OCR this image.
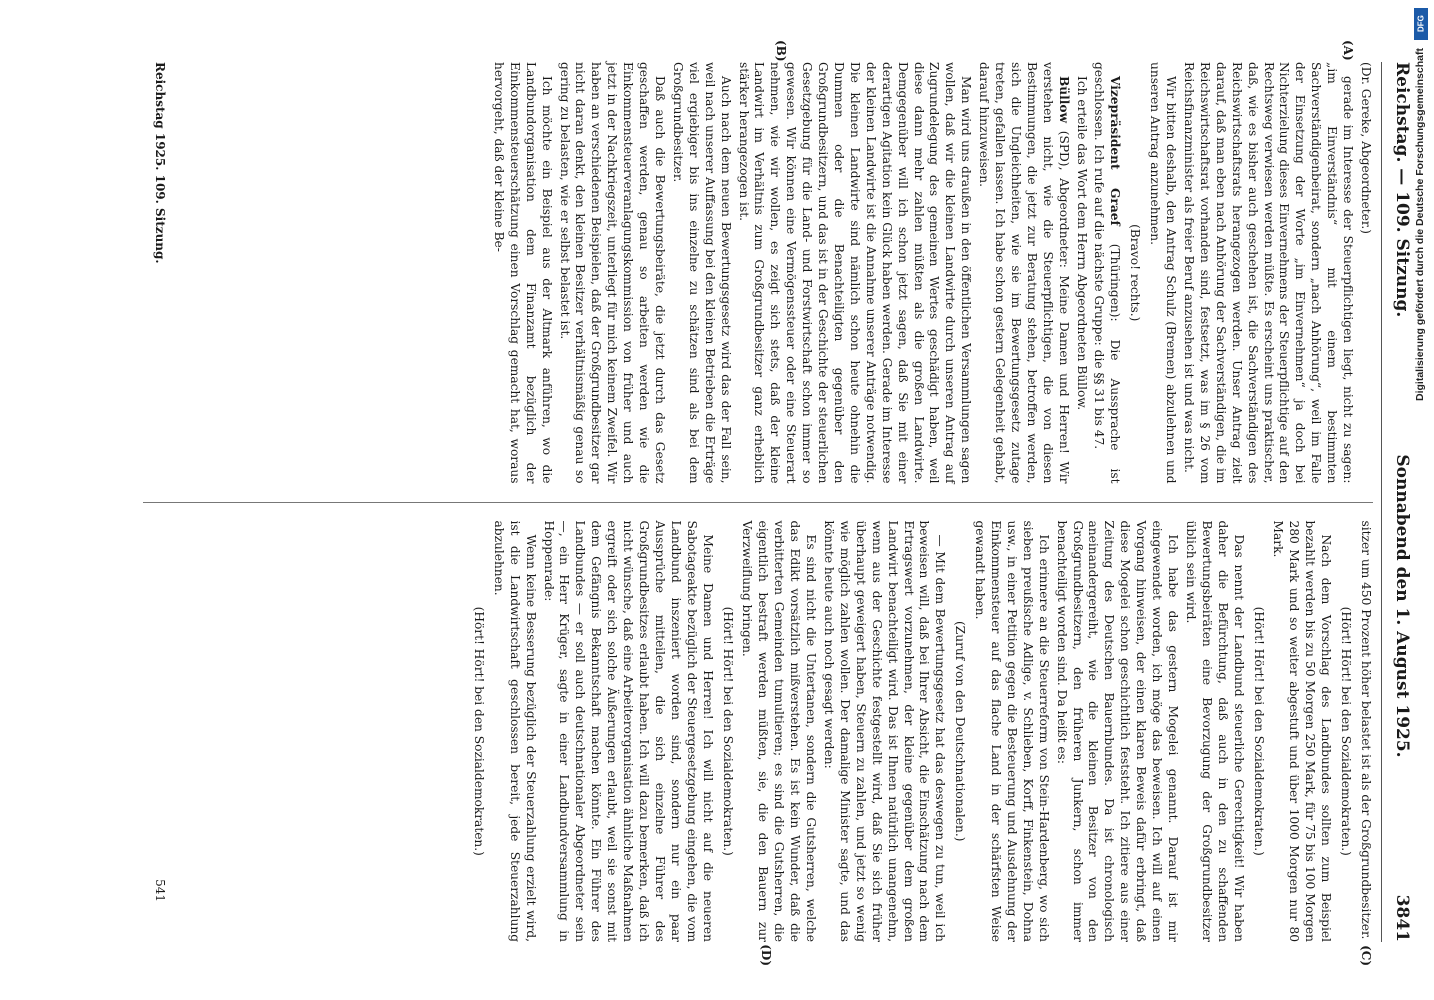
Reichstag. — 109. Sitzung.
Sonnabend den 1. August 1925.
3841

(Dr. Gereke, Abgeordneter.)

(A)

gerade im Interesse der Steuerpflichtigen liegt, nicht zu sagen: „im Einverständnis“ mit einem bestimmten Sachverständigenbeirat, sondern „nach Anhörung“, weil im Falle der Einsetzung der Worte „im Einvernehmen“ ja doch bei Nichterzielung dieses Einvernehmens der Steuerpflichtige auf den Rechtsweg verwiesen werden müßte. Es erscheint uns praktischer, daß, wie es bisher auch geschehen ist, die Sachverständigen des Reichswirtschaftsrats herangezogen werden. Unser Antrag zielt darauf, daß man eben nach Anhörung der Sachverständigen, die im Reichswirtschaftsrat vorhanden sind, festsetzt, was im § 26 vom Reichsfinanzminister als freier Beruf anzusehen ist und was nicht.

Wir bitten deshalb, den Antrag Schulz (Bremen) abzulehnen und unseren Antrag anzunehmen.

(Bravo! rechts.)

Vizepräsident Graef (Thüringen): Die Aussprache ist geschlossen. Ich rufe auf die nächste Gruppe: die §§ 31 bis 47.

Ich erteile das Wort dem Herrn Abgeordneten Büllow.

Büllow (SPD), Abgeordneter: Meine Damen und Herren! Wir verstehen nicht, wie die Steuerpflichtigen, die von diesen Bestimmungen, die jetzt zur Beratung stehen, betroffen werden, sich die Ungleichheiten, wie sie im Bewertungsgesetz zutage treten, gefallen lassen. Ich habe schon gestern Gelegenheit gehabt, darauf hinzuweisen.

(B)

Man wird uns draußen in den öffentlichen Versammlungen sagen wollen, daß wir die kleinen Landwirte durch unseren Antrag auf Zugrundelegung des gemeinen Wertes geschädigt haben, weil diese dann mehr zahlen müßten als die großen Landwirte. Demgegenüber will ich schon jetzt sagen, daß Sie mit einer derartigen Agitation kein Glück haben werden. Gerade im Interesse der kleinen Landwirte ist die Annahme unserer Anträge notwendig. Die kleinen Landwirte sind nämlich schon heute ohnehin die Dummen oder die Benachteiligten gegenüber den Großgrundbesitzern, und das ist in der Geschichte der steuerlichen Gesetzgebung für die Land- und Forstwirtschaft schon immer so gewesen. Wir können eine Vermögenssteuer oder eine Steuerart nehmen, wie wir wollen, es zeigt sich stets, daß der kleine Landwirt im Verhältnis zum Großgrundbesitzer ganz erheblich stärker herangezogen ist.

Auch nach dem neuen Bewertungsgesetz wird das der Fall sein, weil nach unserer Auffassung bei den kleinen Betrieben die Erträge viel ergiebiger bis ins einzelne zu schätzen sind als bei dem Großgrundbesitzer.

Daß auch die Bewertungsbeiräte, die jetzt durch das Gesetz geschaffen werden, genau so arbeiten werden wie die Einkommensteuerveranlagungskommission von früher und auch jetzt in der Nachkriegszeit, unterliegt für mich keinem Zweifel. Wir haben an verschiedenen Beispielen, daß der Großgrundbesitzer gar nicht daran denkt, den kleinen Besitzer verhältnismäßig genau so gering zu belasten, wie er selbst belastet ist.

Ich möchte ein Beispiel aus der Altmark anführen, wo die Landbundorganisation dem Finanzamt bezüglich der Einkommensteuerschätzung einen Vorschlag gemacht hat, woraus hervorgeht, daß der kleine Be-

Reichstag 1925. 109. Sitzung.
(C)

sitzer um 450 Prozent höher belastet ist als der Großgrundbesitzer.

(Hört! Hört! bei den Sozialdemokraten.)

Nach dem Vorschlag des Landbundes sollten zum Beispiel bezahlt werden bis zu 50 Morgen 250 Mark, für 75 bis 100 Morgen 280 Mark und so weiter abgestuft und über 1000 Morgen nur 80 Mark.

(Hört! Hört! bei den Sozialdemokraten.)

Das nennt der Landbund steuerliche Gerechtigkeit! Wir haben daher die Befürchtung, daß auch in den zu schaffenden Bewertungsbeiräten eine Bevorzugung der Großgrundbesitzer üblich sein wird.

Ich habe das gestern Mogelei genannt. Darauf ist mir eingewendet worden, ich möge das beweisen. Ich will auf einen Vorgang hinweisen, der einen klaren Beweis dafür erbringt, daß diese Mogelei schon geschichtlich feststeht. Ich zitiere aus einer Zeitung des Deutschen Bauernbundes. Da ist chronologisch aneinandergereiht, wie die kleinen Besitzer von den Großgrundbesitzern, den früheren Junkern, schon immer benachteiligt worden sind. Da heißt es:

Ich erinnere an die Steuerreform von Stein-Hardenberg, wo sich sieben preußische Adlige, v. Schlieben, Korff, Finkenstein, Dohna usw., in einer Petition gegen die Besteuerung und Ausdehnung der Einkommensteuer auf das flache Land in der schärfsten Weise gewandt haben.

(Zuruf von den Deutschnationalen.)

(D)

— Mit dem Bewertungsgesetz hat das deswegen zu tun, weil ich beweisen will, daß bei Ihrer Absicht, die Einschätzung nach dem Ertragswert vorzunehmen, der kleine gegenüber dem großen Landwirt benachteiligt wird. Das ist Ihnen natürlich unangenehm, wenn aus der Geschichte festgestellt wird, daß Sie sich früher überhaupt geweigert haben, Steuern zu zahlen, und jetzt so wenig wie möglich zahlen wollen. Der damalige Minister sagte, und das könnte heute auch noch gesagt werden:

Es sind nicht die Untertanen, sondern die Gutsherren, welche das Edikt vorsätzlich mißverstehen. Es ist kein Wunder, daß die verbitterten Gemeinden tumultieren; es sind die Gutsherren, die eigentlich bestraft werden müßten, sie, die den Bauern zur Verzweiflung bringen.

(Hört! Hört! bei den Sozialdemokraten.)

Meine Damen und Herren! Ich will nicht auf die neueren Sabotageakte bezüglich der Steuergesetzgebung eingehen, die vom Landbund inszeniert worden sind, sondern nur ein paar Aussprüche mitteilen, die sich einzelne Führer des Großgrundbesitzes erlaubt haben. Ich will dazu bemerken, daß ich nicht wünsche, daß eine Arbeiterorganisation ähnliche Maßnahmen ergreift oder sich solche Äußerungen erlaubt, weil sie sonst mit dem Gefängnis Bekanntschaft machen könnte. Ein Führer des Landbundes — er soll auch deutschnationaler Abgeordneter sein —, ein Herr Krüger, sagte in einer Landbundversammlung in Hoppenrade:

Wenn keine Besserung bezüglich der Steuerzahlung erzielt wird, ist die Landwirtschaft geschlossen bereit, jede Steuerzahlung abzulehnen.

(Hört! Hört! bei den Sozialdemokraten.)

541
DFG
Digitalisierung gefördert durch die Deutsche Forschungsgemeinschaft
